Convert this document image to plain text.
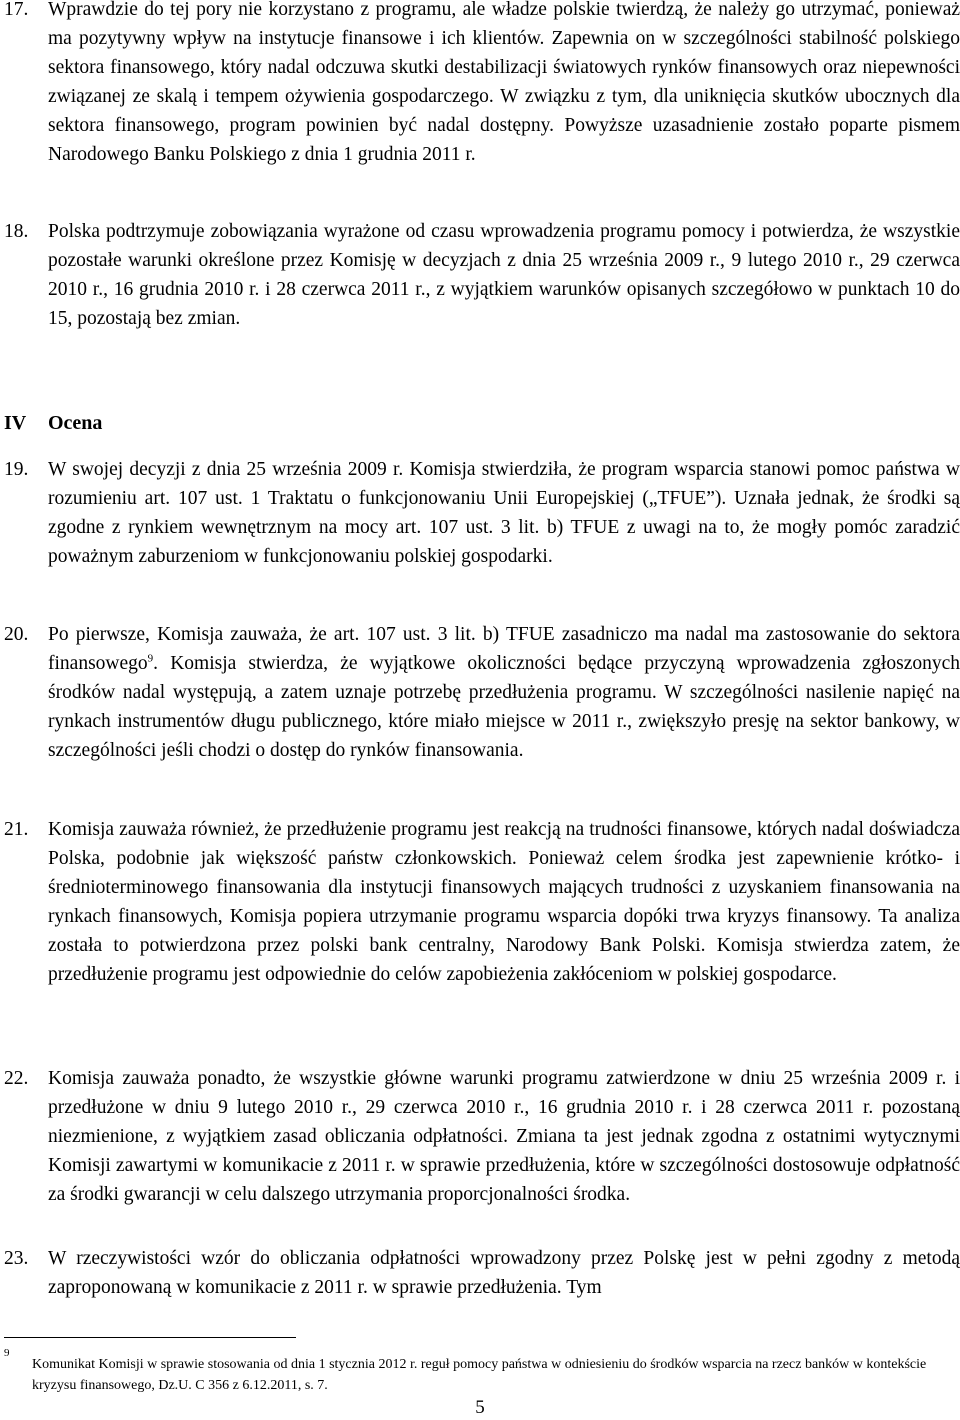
17. Wprawdzie do tej pory nie korzystano z programu, ale władze polskie twierdzą, że należy go utrzymać, ponieważ ma pozytywny wpływ na instytucje finansowe i ich klientów. Zapewnia on w szczególności stabilność polskiego sektora finansowego, który nadal odczuwa skutki destabilizacji światowych rynków finansowych oraz niepewności związanej ze skalą i tempem ożywienia gospodarczego. W związku z tym, dla uniknięcia skutków ubocznych dla sektora finansowego, program powinien być nadal dostępny. Powyższe uzasadnienie zostało poparte pismem Narodowego Banku Polskiego z dnia 1 grudnia 2011 r.
18. Polska podtrzymuje zobowiązania wyrażone od czasu wprowadzenia programu pomocy i potwierdza, że wszystkie pozostałe warunki określone przez Komisję w decyzjach z dnia 25 września 2009 r., 9 lutego 2010 r., 29 czerwca 2010 r., 16 grudnia 2010 r. i 28 czerwca 2011 r., z wyjątkiem warunków opisanych szczegółowo w punktach 10 do 15, pozostają bez zmian.
IV Ocena
19. W swojej decyzji z dnia 25 września 2009 r. Komisja stwierdziła, że program wsparcia stanowi pomoc państwa w rozumieniu art. 107 ust. 1 Traktatu o funkcjonowaniu Unii Europejskiej („TFUE”). Uznała jednak, że środki są zgodne z rynkiem wewnętrznym na mocy art. 107 ust. 3 lit. b) TFUE z uwagi na to, że mogły pomóc zaradzić poważnym zaburzeniom w funkcjonowaniu polskiej gospodarki.
20. Po pierwsze, Komisja zauważa, że art. 107 ust. 3 lit. b) TFUE zasadniczo ma nadal ma zastosowanie do sektora finansowego$^9$. Komisja stwierdza, że wyjątkowe okoliczności będące przyczyną wprowadzenia zgłoszonych środków nadal występują, a zatem uznaje potrzebę przedłużenia programu. W szczególności nasilenie napięć na rynkach instrumentów długu publicznego, które miało miejsce w 2011 r., zwiększyło presję na sektor bankowy, w szczególności jeśli chodzi o dostęp do rynków finansowania.
21. Komisja zauważa również, że przedłużenie programu jest reakcją na trudności finansowe, których nadal doświadcza Polska, podobnie jak większość państw członkowskich. Ponieważ celem środka jest zapewnienie krótko- i średnioterminowego finansowania dla instytucji finansowych mających trudności z uzyskaniem finansowania na rynkach finansowych, Komisja popiera utrzymanie programu wsparcia dopóki trwa kryzys finansowy. Ta analiza została to potwierdzona przez polski bank centralny, Narodowy Bank Polski. Komisja stwierdza zatem, że przedłużenie programu jest odpowiednie do celów zapobieżenia zakłóceniom w polskiej gospodarce.
22. Komisja zauważa ponadto, że wszystkie główne warunki programu zatwierdzone w dniu 25 września 2009 r. i przedłużone w dniu 9 lutego 2010 r., 29 czerwca 2010 r., 16 grudnia 2010 r. i 28 czerwca 2011 r. pozostaną niezmienione, z wyjątkiem zasad obliczania odpłatności. Zmiana ta jest jednak zgodna z ostatnimi wytycznymi Komisji zawartymi w komunikacie z 2011 r. w sprawie przedłużenia, które w szczególności dostosowuje odpłatność za środki gwarancji w celu dalszego utrzymania proporcjonalności środka.
23. W rzeczywistości wzór do obliczania odpłatności wprowadzony przez Polskę jest w pełni zgodny z metodą zaproponowaną w komunikacie z 2011 r. w sprawie przedłużenia. Tym
9
Komunikat Komisji w sprawie stosowania od dnia 1 stycznia 2012 r. reguł pomocy państwa w odniesieniu do środków wsparcia na rzecz banków w kontekście kryzysu finansowego, Dz.U. C 356 z 6.12.2011, s. 7.
5
